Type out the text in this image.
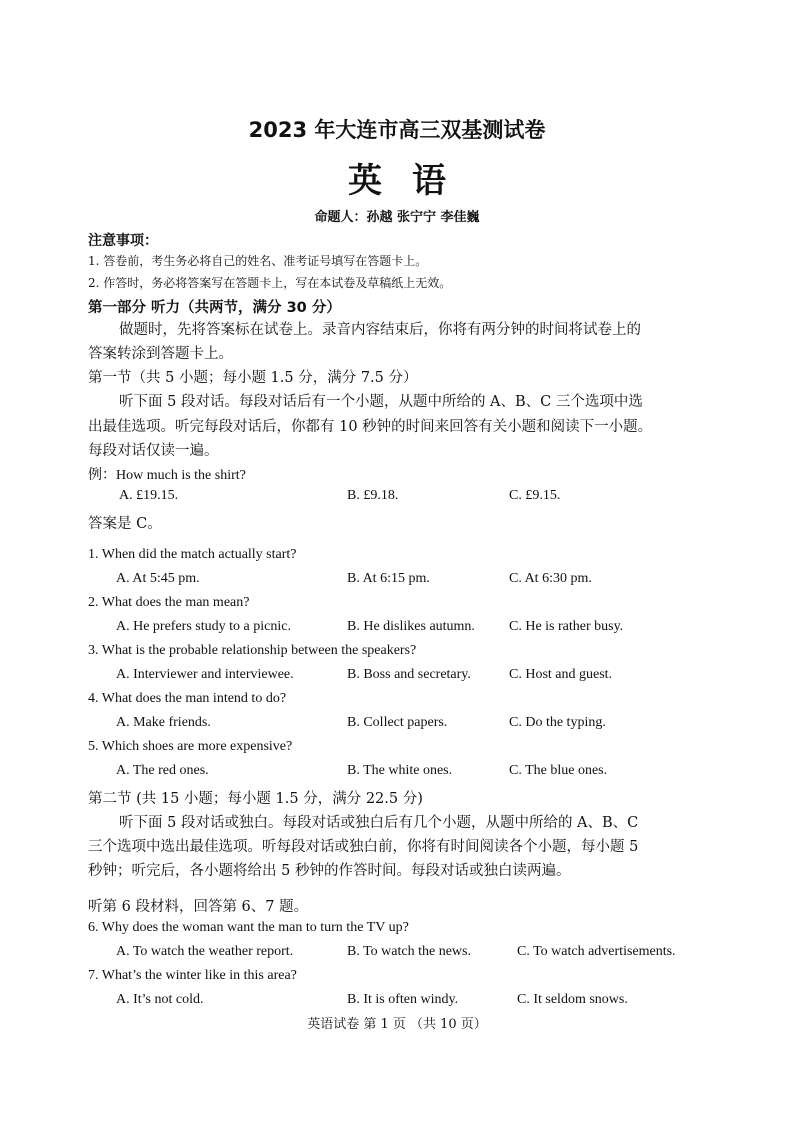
2023 年大连市高三双基测试卷
英语
命题人：孙越 张宁宁 李佳巍
注意事项：
1. 答卷前，考生务必将自己的姓名、准考证号填写在答题卡上。
2. 作答时，务必将答案写在答题卡上，写在本试卷及草稿纸上无效。
第一部分 听力（共两节，满分 30 分）
做题时，先将答案标在试卷上。录音内容结束后，你将有两分钟的时间将试卷上的
答案转涂到答题卡上。
第一节（共 5 小题；每小题 1.5 分，满分 7.5 分）
听下面 5 段对话。每段对话后有一个小题，从题中所给的 A、B、C 三个选项中选
出最佳选项。听完每段对话后，你都有 10 秒钟的时间来回答有关小题和阅读下一小题。
每段对话仅读一遍。
例：How much is the shirt?
A. £19.15.	B. £9.18.	C. £9.15.
答案是 C。
1. When did the match actually start?
A. At 5:45 pm.	B. At 6:15 pm.	C. At 6:30 pm.
2. What does the man mean?
A. He prefers study to a picnic.	B. He dislikes autumn. C. He is rather busy.
3. What is the probable relationship between the speakers?
A. Interviewer and interviewee.	B. Boss and secretary.	C. Host and guest.
4. What does the man intend to do?
A. Make friends.	B. Collect papers.	C. Do the typing.
5. Which shoes are more expensive?
A. The red ones.	B. The white ones.	C. The blue ones.
第二节 (共 15 小题；每小题 1.5 分，满分 22.5 分)
听下面 5 段对话或独白。每段对话或独白后有几个小题，从题中所给的 A、B、C
三个选项中选出最佳选项。听每段对话或独白前，你将有时间阅读各个小题，每小题 5
秒钟；听完后，各小题将给出 5 秒钟的作答时间。每段对话或独白读两遍。
听第 6 段材料，回答第 6、7 题。
6. Why does the woman want the man to turn the TV up?
A. To watch the weather report.	B. To watch the news.	C. To watch advertisements.
7. What’s the winter like in this area?
A. It’s not cold.	B. It is often windy.	C. It seldom snows.
英语试卷 第 1 页 （共 10 页）
